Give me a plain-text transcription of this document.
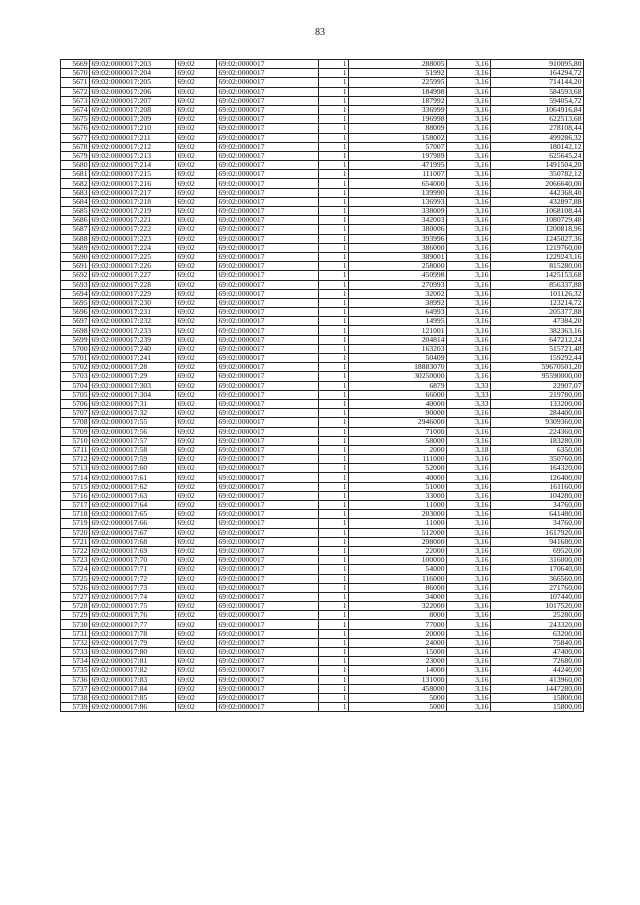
83
5669	69:02:0000017:203	69:02	69:02:0000017	1	288005	3,16	910095,80
5670	69:02:0000017:204	69:02	69:02:0000017	1	51992	3,16	164294,72
5671	69:02:0000017:205	69:02	69:02:0000017	1	225995	3,16	714144,20
5672	69:02:0000017:206	69:02	69:02:0000017	1	184998	3,16	584593,68
5673	69:02:0000017:207	69:02	69:02:0000017	1	187992	3,16	594054,72
5674	69:02:0000017:208	69:02	69:02:0000017	1	336999	3,16	1064916,84
5675	69:02:0000017:209	69:02	69:02:0000017	1	196998	3,16	622513,68
5676	69:02:0000017:210	69:02	69:02:0000017	1	88009	3,16	278108,44
5677	69:02:0000017:211	69:02	69:02:0000017	1	158002	3,16	499286,32
5678	69:02:0000017:212	69:02	69:02:0000017	1	57007	3,16	180142,12
5679	69:02:0000017:213	69:02	69:02:0000017	1	197989	3,16	625645,24
5680	69:02:0000017:214	69:02	69:02:0000017	1	471995	3,16	1491504,20
5681	69:02:0000017:215	69:02	69:02:0000017	1	111007	3,16	350782,12
5682	69:02:0000017:216	69:02	69:02:0000017	1	654000	3,16	2066640,00
5683	69:02:0000017:217	69:02	69:02:0000017	1	139990	3,16	442368,40
5684	69:02:0000017:218	69:02	69:02:0000017	1	136993	3,16	432897,88
5685	69:02:0000017:219	69:02	69:02:0000017	1	338009	3,16	1068108,44
5686	69:02:0000017:221	69:02	69:02:0000017	1	342003	3,16	1080729,48
5687	69:02:0000017:222	69:02	69:02:0000017	1	380006	3,16	1200818,96
5688	69:02:0000017:223	69:02	69:02:0000017	1	393996	3,16	1245027,36
5689	69:02:0000017:224	69:02	69:02:0000017	1	386000	3,16	1219760,00
5690	69:02:0000017:225	69:02	69:02:0000017	1	389001	3,16	1229243,16
5691	69:02:0000017:226	69:02	69:02:0000017	1	258000	3,16	815280,00
5692	69:02:0000017:227	69:02	69:02:0000017	1	450998	3,16	1425153,68
5693	69:02:0000017:228	69:02	69:02:0000017	1	270993	3,16	856337,88
5694	69:02:0000017:229	69:02	69:02:0000017	1	32002	3,16	101126,32
5695	69:02:0000017:230	69:02	69:02:0000017	1	38992	3,16	123214,72
5696	69:02:0000017:231	69:02	69:02:0000017	1	64993	3,16	205377,88
5697	69:02:0000017:232	69:02	69:02:0000017	1	14995	3,16	47384,20
5698	69:02:0000017:233	69:02	69:02:0000017	1	121001	3,16	382363,16
5699	69:02:0000017:239	69:02	69:02:0000017	1	204814	3,16	647212,24
5700	69:02:0000017:240	69:02	69:02:0000017	1	163203	3,16	515721,48
5701	69:02:0000017:241	69:02	69:02:0000017	1	50409	3,16	159292,44
5702	69:02:0000017:28	69:02	69:02:0000017	1	18883070	3,16	59670501,20
5703	69:02:0000017:29	69:02	69:02:0000017	1	30250000	3,16	95590000,00
5704	69:02:0000017:303	69:02	69:02:0000017	1	6879	3,33	22907,07
5705	69:02:0000017:304	69:02	69:02:0000017	1	66000	3,33	219780,00
5706	69:02:0000017:31	69:02	69:02:0000017	1	40000	3,33	133200,00
5707	69:02:0000017:32	69:02	69:02:0000017	1	90000	3,16	284400,00
5708	69:02:0000017:55	69:02	69:02:0000017	1	2946000	3,16	9309360,00
5709	69:02:0000017:56	69:02	69:02:0000017	1	71000	3,16	224360,00
5710	69:02:0000017:57	69:02	69:02:0000017	1	58000	3,16	183280,00
5711	69:02:0000017:58	69:02	69:02:0000017	1	2000	3,18	6350,00
5712	69:02:0000017:59	69:02	69:02:0000017	1	111000	3,16	350760,00
5713	69:02:0000017:60	69:02	69:02:0000017	1	52000	3,16	164320,00
5714	69:02:0000017:61	69:02	69:02:0000017	1	40000	3,16	126400,00
5715	69:02:0000017:62	69:02	69:02:0000017	1	51000	3,16	161160,00
5716	69:02:0000017:63	69:02	69:02:0000017	1	33000	3,16	104280,00
5717	69:02:0000017:64	69:02	69:02:0000017	1	11000	3,16	34760,00
5718	69:02:0000017:65	69:02	69:02:0000017	1	203000	3,16	641480,00
5719	69:02:0000017:66	69:02	69:02:0000017	1	11000	3,16	34760,00
5720	69:02:0000017:67	69:02	69:02:0000017	1	512000	3,16	1617920,00
5721	69:02:0000017:68	69:02	69:02:0000017	1	298000	3,16	941680,00
5722	69:02:0000017:69	69:02	69:02:0000017	1	22000	3,16	69520,00
5723	69:02:0000017:70	69:02	69:02:0000017	1	100000	3,16	316000,00
5724	69:02:0000017:71	69:02	69:02:0000017	1	54000	3,16	170640,00
5725	69:02:0000017:72	69:02	69:02:0000017	1	116000	3,16	366560,00
5726	69:02:0000017:73	69:02	69:02:0000017	1	86000	3,16	271760,00
5727	69:02:0000017:74	69:02	69:02:0000017	1	34000	3,16	107440,00
5728	69:02:0000017:75	69:02	69:02:0000017	1	322000	3,16	1017520,00
5729	69:02:0000017:76	69:02	69:02:0000017	1	8000	3,16	25280,00
5730	69:02:0000017:77	69:02	69:02:0000017	1	77000	3,16	243320,00
5731	69:02:0000017:78	69:02	69:02:0000017	1	20000	3,16	63200,00
5732	69:02:0000017:79	69:02	69:02:0000017	1	24000	3,16	75840,00
5733	69:02:0000017:80	69:02	69:02:0000017	1	15000	3,16	47400,00
5734	69:02:0000017:81	69:02	69:02:0000017	1	23000	3,16	72680,00
5735	69:02:0000017:82	69:02	69:02:0000017	1	14000	3,16	44240,00
5736	69:02:0000017:83	69:02	69:02:0000017	1	131000	3,16	413960,00
5737	69:02:0000017:84	69:02	69:02:0000017	1	458000	3,16	1447280,00
5738	69:02:0000017:85	69:02	69:02:0000017	1	5000	3,16	15800,00
5739	69:02:0000017:86	69:02	69:02:0000017	1	5000	3,16	15800,00
